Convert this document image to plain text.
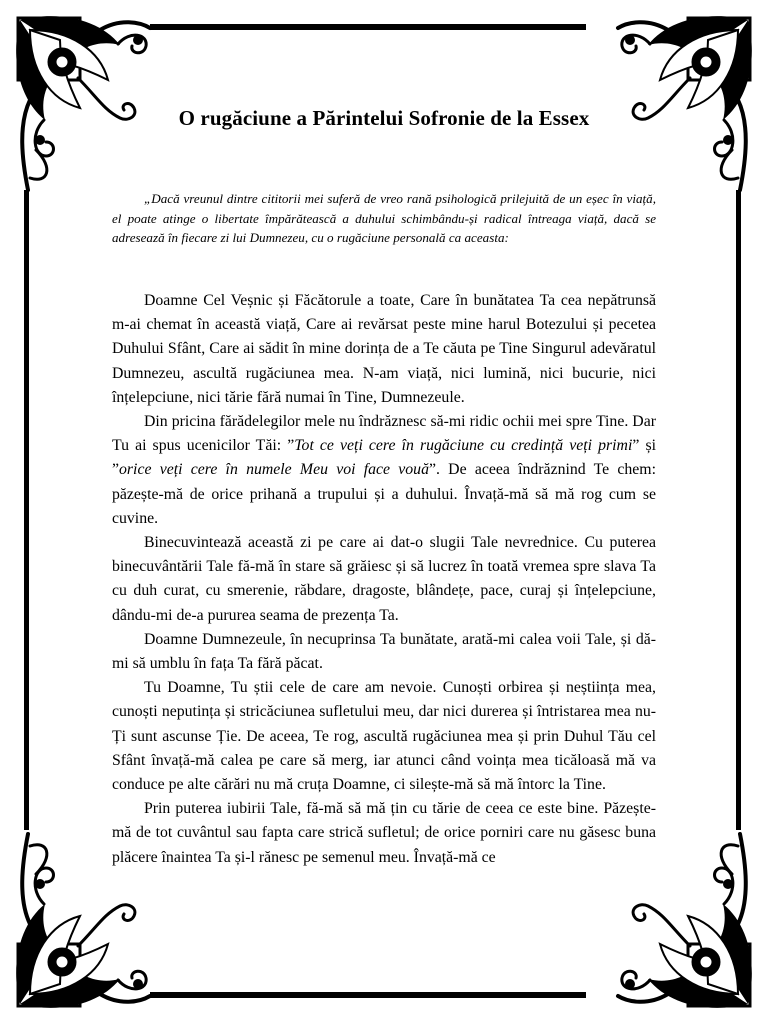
O rugăciune a Părintelui Sofronie de la Essex

„Dacă vreunul dintre cititorii mei suferă de vreo rană psihologică prilejuită de un eșec în viață, el poate atinge o libertate împărătească a duhului schimbându-și radical întreaga viață, dacă se adresează în fiecare zi lui Dumnezeu, cu o rugăciune personală ca aceasta:

Doamne Cel Veșnic și Făcătorule a toate, Care în bunătatea Ta cea nepătrunsă m-ai chemat în această viață, Care ai revărsat peste mine harul Botezului și pecetea Duhului Sfânt, Care ai sădit în mine dorința de a Te căuta pe Tine Singurul adevăratul Dumnezeu, ascultă rugăciunea mea. N-am viață, nici lumină, nici bucurie, nici înțelepciune, nici tărie fără numai în Tine, Dumnezeule.

Din pricina fărădelegilor mele nu îndrăznesc să-mi ridic ochii mei spre Tine. Dar Tu ai spus ucenicilor Tăi: ”Tot ce veți cere în rugăciune cu credință veți primi” și ”orice veți cere în numele Meu voi face vouă”. De aceea îndrăznind Te chem: păzește-mă de orice prihană a trupului și a duhului. Învață-mă să mă rog cum se cuvine.

Binecuvintează această zi pe care ai dat-o slugii Tale nevrednice. Cu puterea binecuvântării Tale fă-mă în stare să grăiesc și să lucrez în toată vremea spre slava Ta cu duh curat, cu smerenie, răbdare, dragoste, blândețe, pace, curaj și înțelepciune, dându-mi de-a pururea seama de prezența Ta.

Doamne Dumnezeule, în necuprinsa Ta bunătate, arată-mi calea voii Tale, și dă-mi să umblu în fața Ta fără păcat.

Tu Doamne, Tu știi cele de care am nevoie. Cunoști orbirea și neștiința mea, cunoști neputința și stricăciunea sufletului meu, dar nici durerea și întristarea mea nu-Ți sunt ascunse Ție. De aceea, Te rog, ascultă rugăciunea mea și prin Duhul Tău cel Sfânt învață-mă calea pe care să merg, iar atunci când voința mea ticăloasă mă va conduce pe alte cărări nu mă cruța Doamne, ci silește-mă să mă întorc la Tine.

Prin puterea iubirii Tale, fă-mă să mă țin cu tărie de ceea ce este bine. Păzește-mă de tot cuvântul sau fapta care strică sufletul; de orice porniri care nu găsesc buna plăcere înaintea Ta și-l rănesc pe semenul meu. Învață-mă ce
